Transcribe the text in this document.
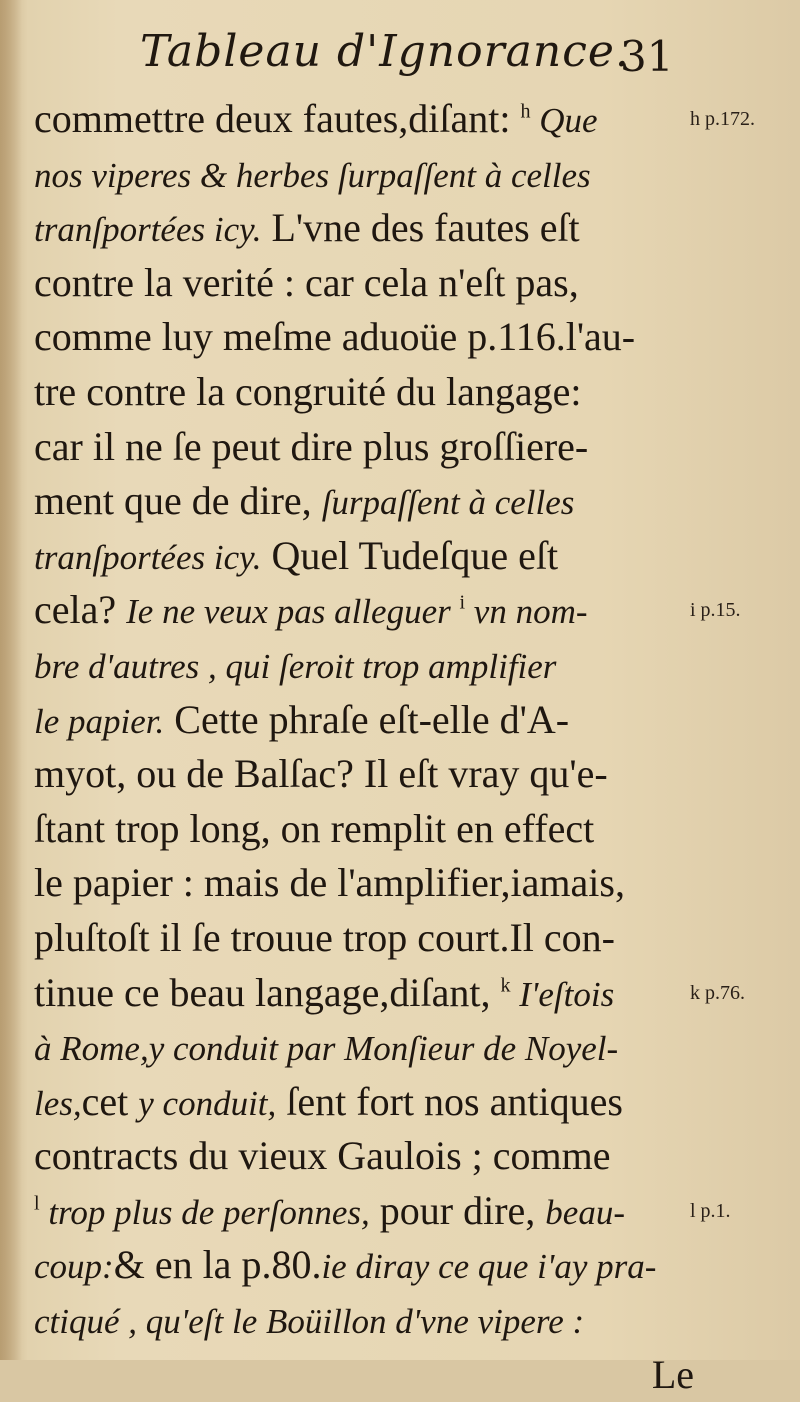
Tableau d'Ignorance.
31
commettre deux fautes,diſant: $^h$ Que
nos viperes & herbes ſurpaſſent à celles
tranſportées icy. L'vne des fautes eſt
contre la verité : car cela n'eſt pas,
comme luy meſme aduoüe p.116.l'au-
tre contre la congruité du langage:
car il ne ſe peut dire plus groſſiere-
ment que de dire, ſurpaſſent à celles
tranſportées icy. Quel Tudeſque eſt
cela? Ie ne veux pas alleguer $^i$ vn nom-
bre d'autres , qui ſeroit trop amplifier
le papier. Cette phraſe eſt-elle d'A-
myot, ou de Balſac? Il eſt vray qu'e-
ſtant trop long, on remplit en effect
le papier : mais de l'amplifier,iamais,
pluſtoſt il ſe trouue trop court.Il con-
tinue ce beau langage,diſant, $^k$ I'eſtois
à Rome,y conduit par Monſieur de Noyel-
les,cet y conduit, ſent fort nos antiques
contracts du vieux Gaulois ; comme
$^l$ trop plus de perſonnes, pour dire, beau-
coup:& en la p.80.ie diray ce que i'ay pra-
ctiqué , qu'eſt le Boüillon d'vne vipere :
Le
h p.172.
i p.15.
k p.76.
l p.1.
